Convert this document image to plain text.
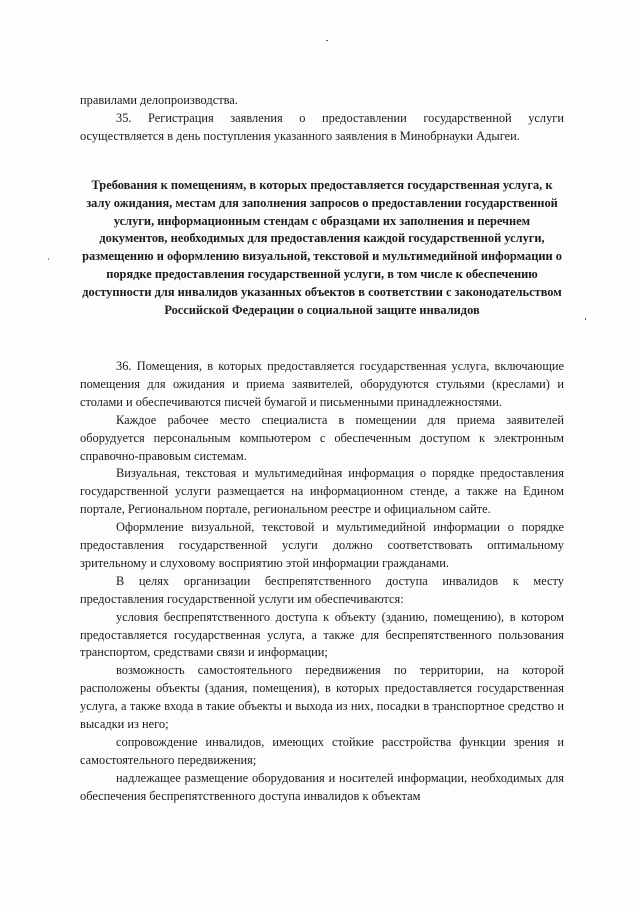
правилами делопроизводства.

35. Регистрация заявления о предоставлении государственной услуги осуществляется в день поступления указанного заявления в Минобрнауки Адыгеи.

Требования к помещениям, в которых предоставляется государственная услуга, к залу ожидания, местам для заполнения запросов о предоставлении государственной услуги, информационным стендам с образцами их заполнения и перечнем документов, необходимых для предоставления каждой государственной услуги, размещению и оформлению визуальной, текстовой и мультимедийной информации о порядке предоставления государственной услуги, в том числе к обеспечению доступности для инвалидов указанных объектов в соответствии с законодательством Российской Федерации о социальной защите инвалидов

36. Помещения, в которых предоставляется государственная услуга, включающие помещения для ожидания и приема заявителей, оборудуются стульями (креслами) и столами и обеспечиваются писчей бумагой и письменными принадлежностями.

Каждое рабочее место специалиста в помещении для приема заявителей оборудуется персональным компьютером с обеспеченным доступом к электронным справочно-правовым системам.

Визуальная, текстовая и мультимедийная информация о порядке предоставления государственной услуги размещается на информационном стенде, а также на Едином портале, Региональном портале, региональном реестре и официальном сайте.

Оформление визуальной, текстовой и мультимедийной информации о порядке предоставления государственной услуги должно соответствовать оптимальному зрительному и слуховому восприятию этой информации гражданами.

В целях организации беспрепятственного доступа инвалидов к месту предоставления государственной услуги им обеспечиваются:

условия беспрепятственного доступа к объекту (зданию, помещению), в котором предоставляется государственная услуга, а также для беспрепятственного пользования транспортом, средствами связи и информации;

возможность самостоятельного передвижения по территории, на которой расположены объекты (здания, помещения), в которых предоставляется государственная услуга, а также входа в такие объекты и выхода из них, посадки в транспортное средство и высадки из него;

сопровождение инвалидов, имеющих стойкие расстройства функции зрения и самостоятельного передвижения;

надлежащее размещение оборудования и носителей информации, необходимых для обеспечения беспрепятственного доступа инвалидов к объектам
